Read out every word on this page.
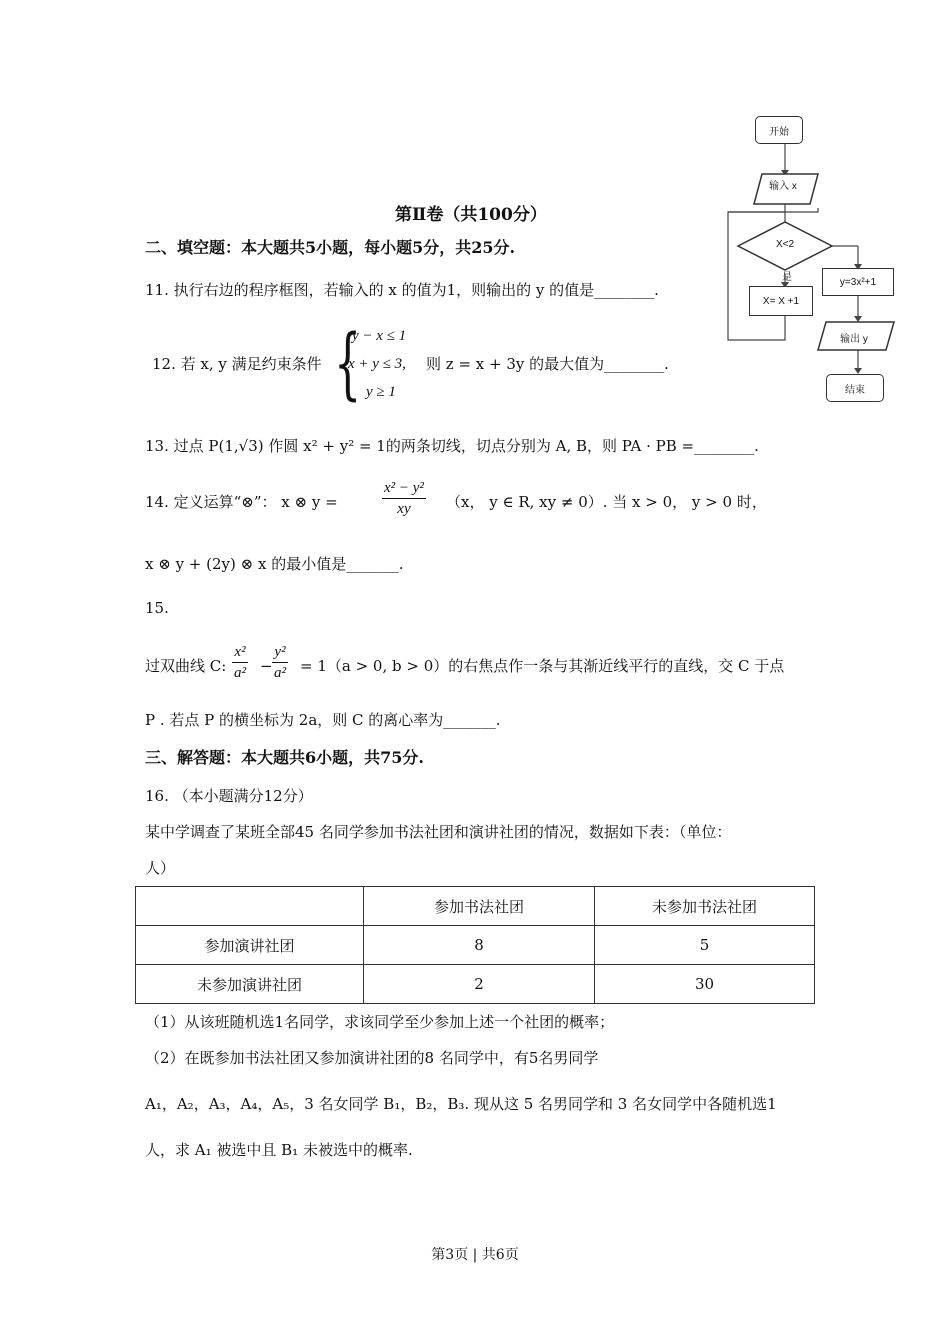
开始
输入 x
X<2
是
X= X +1
y=3x²+1
输出 y
结束
第Ⅱ卷（共100分）
二、填空题：本大题共5小题，每小题5分，共25分.
11. 执行右边的程序框图，若输入的 x 的值为1，则输出的 y 的值是________.
12. 若 x, y 满足约束条件 {
y − x ≤ 1
x + y ≤ 3,
y ≥ 1
则 z = x + 3y 的最大值为________.
13. 过点 P(1,√3) 作圆 x² + y² = 1的两条切线，切点分别为 A, B，则 PA · PB =________.
14. 定义运算“⊗”： x ⊗ y =	$\frac{\text{x² − y²}}{xy} (x$， y ∈ R, xy ≠ 0）. 当 x > 0， y > 0 时，
x ⊗ y + (2y) ⊗ x 的最小值是_______.
15.
过双曲线 C: $\frac{\text{x²}}{\text{a²}} - \frac{\text{y²}}{\text{a²}} = 1(a > 0$, b > 0）的右焦点作一条与其渐近线平行的直线，交 C 于点
P . 若点 P 的横坐标为 2a，则 C 的离心率为_______.
三、解答题：本大题共6小题，共75分.
16. （本小题满分12分）
某中学调查了某班全部45 名同学参加书法社团和演讲社团的情况，数据如下表：（单位：
人）
	参加书法社团	未参加书法社团
参加演讲社团	8	5
未参加演讲社团	2	30
（1）从该班随机选1名同学，求该同学至少参加上述一个社团的概率；
（2）在既参加书法社团又参加演讲社团的8 名同学中，有5名男同学
A₁，A₂，A₃，A₄，A₅，3 名女同学 B₁，B₂，B₃. 现从这 5 名男同学和 3 名女同学中各随机选1
人，求 A₁ 被选中且 B₁ 未被选中的概率.
第3页 | 共6页
